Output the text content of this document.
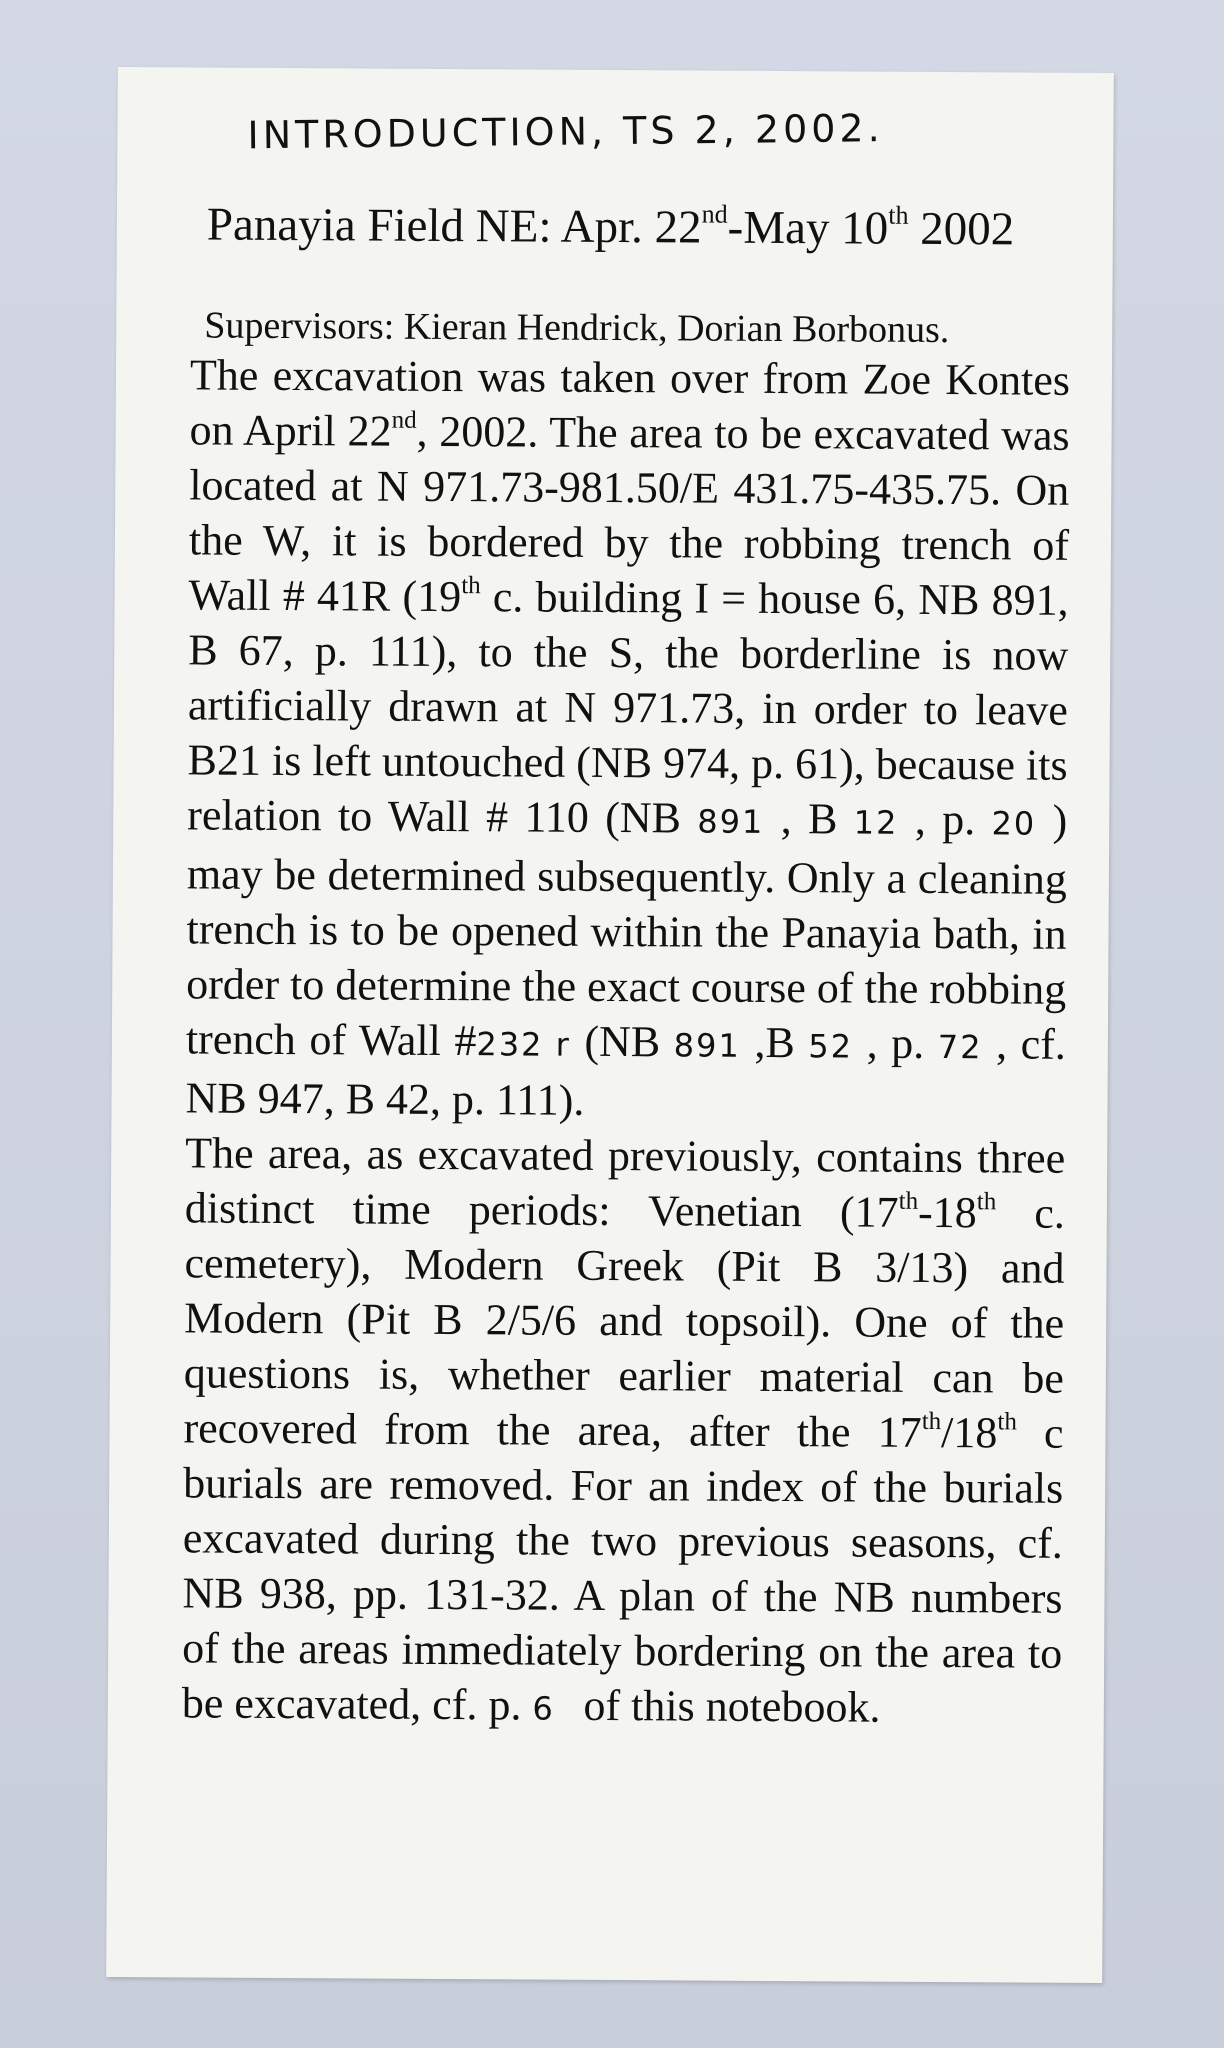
INTRODUCTION, TS 2, 2002.
Panayia Field NE: Apr. 22nd-May 10th 2002
Supervisors: Kieran Hendrick, Dorian Borbonus.

The excavation was taken over from Zoe Kontes on April 22nd, 2002. The area to be excavated was located at N 971.73-981.50/E 431.75-435.75. On the W, it is bordered by the robbing trench of Wall # 41R (19th c. building I = house 6, NB 891, B 67, p. 111), to the S, the borderline is now artificially drawn at N 971.73, in order to leave B21 is left untouched (NB 974, p. 61), because its relation to Wall # 110 (NB 891 , B 12 , p. 20 ) may be determined subsequently. Only a cleaning trench is to be opened within the Panayia bath, in order to determine the exact course of the robbing trench of Wall #232 r (NB 891 ,B 52 , p. 72 , cf. NB 947, B 42, p. 111).

The area, as excavated previously, contains three distinct time periods: Venetian (17th-18th c. cemetery), Modern Greek (Pit B 3/13) and Modern (Pit B 2/5/6 and topsoil). One of the questions is, whether earlier material can be recovered from the area, after the 17th/18th c burials are removed. For an index of the burials excavated during the two previous seasons, cf. NB 938, pp. 131-32. A plan of the NB numbers of the areas immediately bordering on the area to be excavated, cf. p. 6 of this notebook.
